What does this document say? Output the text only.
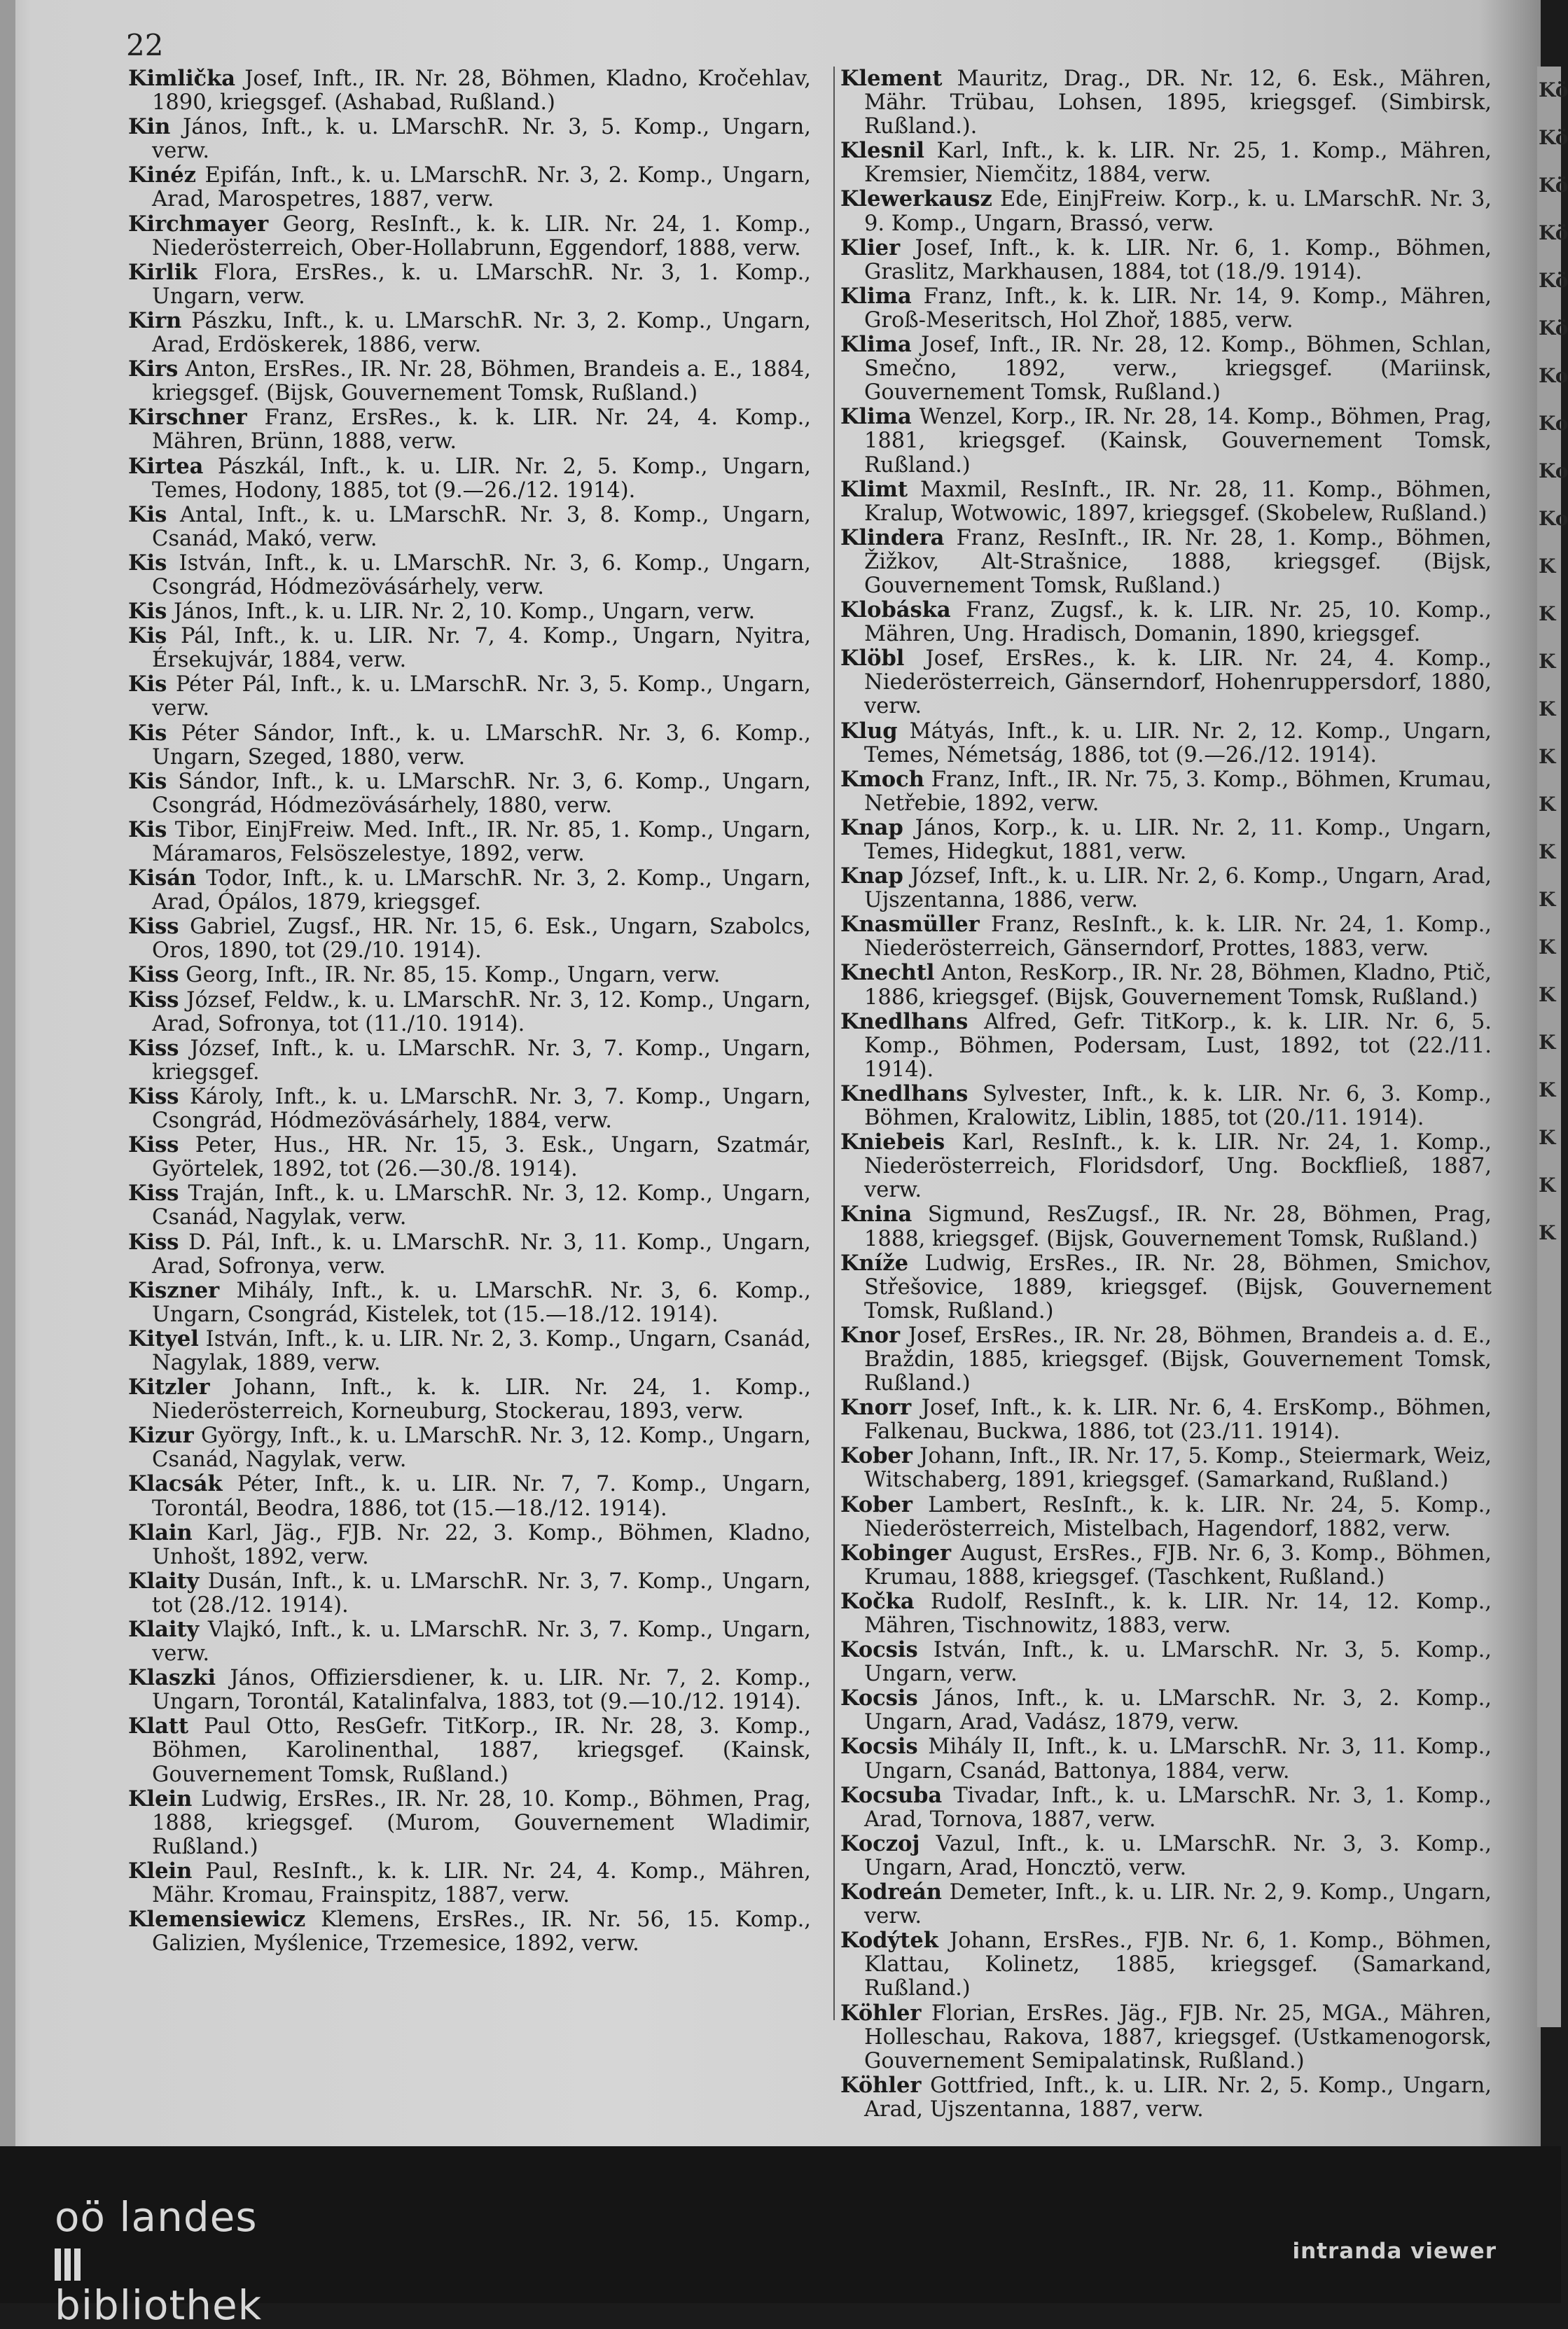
22

Kimlička Josef, Inft., IR. Nr. 28, Böhmen, Kladno, Kročehlav, 1890, kriegsgef. (Ashabad, Rußland.)

Kin János, Inft., k. u. LMarschR. Nr. 3, 5. Komp., Ungarn, verw.

Kinéz Epifán, Inft., k. u. LMarschR. Nr. 3, 2. Komp., Ungarn, Arad, Marospetres, 1887, verw.

Kirchmayer Georg, ResInft., k. k. LIR. Nr. 24, 1. Komp., Niederösterreich, Ober-Hollabrunn, Eggendorf, 1888, verw.

Kirlik Flora, ErsRes., k. u. LMarschR. Nr. 3, 1. Komp., Ungarn, verw.

Kirn Pászku, Inft., k. u. LMarschR. Nr. 3, 2. Komp., Ungarn, Arad, Erdöskerek, 1886, verw.

Kirs Anton, ErsRes., IR. Nr. 28, Böhmen, Brandeis a. E., 1884, kriegsgef. (Bijsk, Gouvernement Tomsk, Rußland.)

Kirschner Franz, ErsRes., k. k. LIR. Nr. 24, 4. Komp., Mähren, Brünn, 1888, verw.

Kirtea Pászkál, Inft., k. u. LIR. Nr. 2, 5. Komp., Ungarn, Temes, Hodony, 1885, tot (9.—26./12. 1914).

Kis Antal, Inft., k. u. LMarschR. Nr. 3, 8. Komp., Ungarn, Csanád, Makó, verw.

Kis István, Inft., k. u. LMarschR. Nr. 3, 6. Komp., Ungarn, Csongrád, Hódmezövásárhely, verw.

Kis János, Inft., k. u. LIR. Nr. 2, 10. Komp., Ungarn, verw.

Kis Pál, Inft., k. u. LIR. Nr. 7, 4. Komp., Ungarn, Nyitra, Érsekujvár, 1884, verw.

Kis Péter Pál, Inft., k. u. LMarschR. Nr. 3, 5. Komp., Ungarn, verw.

Kis Péter Sándor, Inft., k. u. LMarschR. Nr. 3, 6. Komp., Ungarn, Szeged, 1880, verw.

Kis Sándor, Inft., k. u. LMarschR. Nr. 3, 6. Komp., Ungarn, Csongrád, Hódmezövásárhely, 1880, verw.

Kis Tibor, EinjFreiw. Med. Inft., IR. Nr. 85, 1. Komp., Ungarn, Máramaros, Felsöszelestye, 1892, verw.

Kisán Todor, Inft., k. u. LMarschR. Nr. 3, 2. Komp., Ungarn, Arad, Ópálos, 1879, kriegsgef.

Kiss Gabriel, Zugsf., HR. Nr. 15, 6. Esk., Ungarn, Szabolcs, Oros, 1890, tot (29./10. 1914).

Kiss Georg, Inft., IR. Nr. 85, 15. Komp., Ungarn, verw.

Kiss József, Feldw., k. u. LMarschR. Nr. 3, 12. Komp., Ungarn, Arad, Sofronya, tot (11./10. 1914).

Kiss József, Inft., k. u. LMarschR. Nr. 3, 7. Komp., Ungarn, kriegsgef.

Kiss Károly, Inft., k. u. LMarschR. Nr. 3, 7. Komp., Ungarn, Csongrád, Hódmezövásárhely, 1884, verw.

Kiss Peter, Hus., HR. Nr. 15, 3. Esk., Ungarn, Szatmár, Györtelek, 1892, tot (26.—30./8. 1914).

Kiss Traján, Inft., k. u. LMarschR. Nr. 3, 12. Komp., Ungarn, Csanád, Nagylak, verw.

Kiss D. Pál, Inft., k. u. LMarschR. Nr. 3, 11. Komp., Ungarn, Arad, Sofronya, verw.

Kiszner Mihály, Inft., k. u. LMarschR. Nr. 3, 6. Komp., Ungarn, Csongrád, Kistelek, tot (15.—18./12. 1914).

Kityel István, Inft., k. u. LIR. Nr. 2, 3. Komp., Ungarn, Csanád, Nagylak, 1889, verw.

Kitzler Johann, Inft., k. k. LIR. Nr. 24, 1. Komp., Niederösterreich, Korneuburg, Stockerau, 1893, verw.

Kizur György, Inft., k. u. LMarschR. Nr. 3, 12. Komp., Ungarn, Csanád, Nagylak, verw.

Klacsák Péter, Inft., k. u. LIR. Nr. 7, 7. Komp., Ungarn, Torontál, Beodra, 1886, tot (15.—18./12. 1914).

Klain Karl, Jäg., FJB. Nr. 22, 3. Komp., Böhmen, Kladno, Unhošt, 1892, verw.

Klaity Dusán, Inft., k. u. LMarschR. Nr. 3, 7. Komp., Ungarn, tot (28./12. 1914).

Klaity Vlajkó, Inft., k. u. LMarschR. Nr. 3, 7. Komp., Ungarn, verw.

Klaszki János, Offiziersdiener, k. u. LIR. Nr. 7, 2. Komp., Ungarn, Torontál, Katalinfalva, 1883, tot (9.—10./12. 1914).

Klatt Paul Otto, ResGefr. TitKorp., IR. Nr. 28, 3. Komp., Böhmen, Karolinenthal, 1887, kriegsgef. (Kainsk, Gouvernement Tomsk, Rußland.)

Klein Ludwig, ErsRes., IR. Nr. 28, 10. Komp., Böhmen, Prag, 1888, kriegsgef. (Murom, Gouvernement Wladimir, Rußland.)

Klein Paul, ResInft., k. k. LIR. Nr. 24, 4. Komp., Mähren, Mähr. Kromau, Frainspitz, 1887, verw.

Klemensiewicz Klemens, ErsRes., IR. Nr. 56, 15. Komp., Galizien, Myślenice, Trzemesice, 1892, verw.

Klement Mauritz, Drag., DR. Nr. 12, 6. Esk., Mähren, Mähr. Trübau, Lohsen, 1895, kriegsgef. (Simbirsk, Rußland.).

Klesnil Karl, Inft., k. k. LIR. Nr. 25, 1. Komp., Mähren, Kremsier, Niemčitz, 1884, verw.

Klewerkausz Ede, EinjFreiw. Korp., k. u. LMarschR. Nr. 3, 9. Komp., Ungarn, Brassó, verw.

Klier Josef, Inft., k. k. LIR. Nr. 6, 1. Komp., Böhmen, Graslitz, Markhausen, 1884, tot (18./9. 1914).

Klima Franz, Inft., k. k. LIR. Nr. 14, 9. Komp., Mähren, Groß-Meseritsch, Hol Zhoř, 1885, verw.

Klima Josef, Inft., IR. Nr. 28, 12. Komp., Böhmen, Schlan, Smečno, 1892, verw., kriegsgef. (Mariinsk, Gouvernement Tomsk, Rußland.)

Klima Wenzel, Korp., IR. Nr. 28, 14. Komp., Böhmen, Prag, 1881, kriegsgef. (Kainsk, Gouvernement Tomsk, Rußland.)

Klimt Maxmil, ResInft., IR. Nr. 28, 11. Komp., Böhmen, Kralup, Wotwowic, 1897, kriegsgef. (Skobelew, Rußland.)

Klindera Franz, ResInft., IR. Nr. 28, 1. Komp., Böhmen, Žižkov, Alt-Strašnice, 1888, kriegsgef. (Bijsk, Gouvernement Tomsk, Rußland.)

Klobáska Franz, Zugsf., k. k. LIR. Nr. 25, 10. Komp., Mähren, Ung. Hradisch, Domanin, 1890, kriegsgef.

Klöbl Josef, ErsRes., k. k. LIR. Nr. 24, 4. Komp., Niederösterreich, Gänserndorf, Hohenruppersdorf, 1880, verw.

Klug Mátyás, Inft., k. u. LIR. Nr. 2, 12. Komp., Ungarn, Temes, Németság, 1886, tot (9.—26./12. 1914).

Kmoch Franz, Inft., IR. Nr. 75, 3. Komp., Böhmen, Krumau, Netřebie, 1892, verw.

Knap János, Korp., k. u. LIR. Nr. 2, 11. Komp., Ungarn, Temes, Hidegkut, 1881, verw.

Knap József, Inft., k. u. LIR. Nr. 2, 6. Komp., Ungarn, Arad, Ujszentanna, 1886, verw.

Knasmüller Franz, ResInft., k. k. LIR. Nr. 24, 1. Komp., Niederösterreich, Gänserndorf, Prottes, 1883, verw.

Knechtl Anton, ResKorp., IR. Nr. 28, Böhmen, Kladno, Ptič, 1886, kriegsgef. (Bijsk, Gouvernement Tomsk, Rußland.)

Knedlhans Alfred, Gefr. TitKorp., k. k. LIR. Nr. 6, 5. Komp., Böhmen, Podersam, Lust, 1892, tot (22./11. 1914).

Knedlhans Sylvester, Inft., k. k. LIR. Nr. 6, 3. Komp., Böhmen, Kralowitz, Liblin, 1885, tot (20./11. 1914).

Kniebeis Karl, ResInft., k. k. LIR. Nr. 24, 1. Komp., Niederösterreich, Floridsdorf, Ung. Bockfließ, 1887, verw.

Knina Sigmund, ResZugsf., IR. Nr. 28, Böhmen, Prag, 1888, kriegsgef. (Bijsk, Gouvernement Tomsk, Rußland.)

Kníže Ludwig, ErsRes., IR. Nr. 28, Böhmen, Smichov, Střešovice, 1889, kriegsgef. (Bijsk, Gouvernement Tomsk, Rußland.)

Knor Josef, ErsRes., IR. Nr. 28, Böhmen, Brandeis a. d. E., Braždin, 1885, kriegsgef. (Bijsk, Gouvernement Tomsk, Rußland.)

Knorr Josef, Inft., k. k. LIR. Nr. 6, 4. ErsKomp., Böhmen, Falkenau, Buckwa, 1886, tot (23./11. 1914).

Kober Johann, Inft., IR. Nr. 17, 5. Komp., Steiermark, Weiz, Witschaberg, 1891, kriegsgef. (Samarkand, Rußland.)

Kober Lambert, ResInft., k. k. LIR. Nr. 24, 5. Komp., Niederösterreich, Mistelbach, Hagendorf, 1882, verw.

Kobinger August, ErsRes., FJB. Nr. 6, 3. Komp., Böhmen, Krumau, 1888, kriegsgef. (Taschkent, Rußland.)

Kočka Rudolf, ResInft., k. k. LIR. Nr. 14, 12. Komp., Mähren, Tischnowitz, 1883, verw.

Kocsis István, Inft., k. u. LMarschR. Nr. 3, 5. Komp., Ungarn, verw.

Kocsis János, Inft., k. u. LMarschR. Nr. 3, 2. Komp., Ungarn, Arad, Vadász, 1879, verw.

Kocsis Mihály II, Inft., k. u. LMarschR. Nr. 3, 11. Komp., Ungarn, Csanád, Battonya, 1884, verw.

Kocsuba Tivadar, Inft., k. u. LMarschR. Nr. 3, 1. Komp., Arad, Tornova, 1887, verw.

Koczoj Vazul, Inft., k. u. LMarschR. Nr. 3, 3. Komp., Ungarn, Arad, Honcztö, verw.

Kodreán Demeter, Inft., k. u. LIR. Nr. 2, 9. Komp., Ungarn, verw.

Kodýtek Johann, ErsRes., FJB. Nr. 6, 1. Komp., Böhmen, Klattau, Kolinetz, 1885, kriegsgef. (Samarkand, Rußland.)

Köhler Florian, ErsRes. Jäg., FJB. Nr. 25, MGA., Mähren, Holleschau, Rakova, 1887, kriegsgef. (Ustkamenogorsk, Gouvernement Semipalatinsk, Rußland.)

Köhler Gottfried, Inft., k. u. LIR. Nr. 2, 5. Komp., Ungarn, Arad, Ujszentanna, 1887, verw.

Kö
Kö
Kö
Kö
Kö
Kö
Ko
Ko
Ko
Ko
K
K
K
K
K
K
K
K
K
K
K
K
K
K
K
oö landes
bibliothek
intranda viewer
